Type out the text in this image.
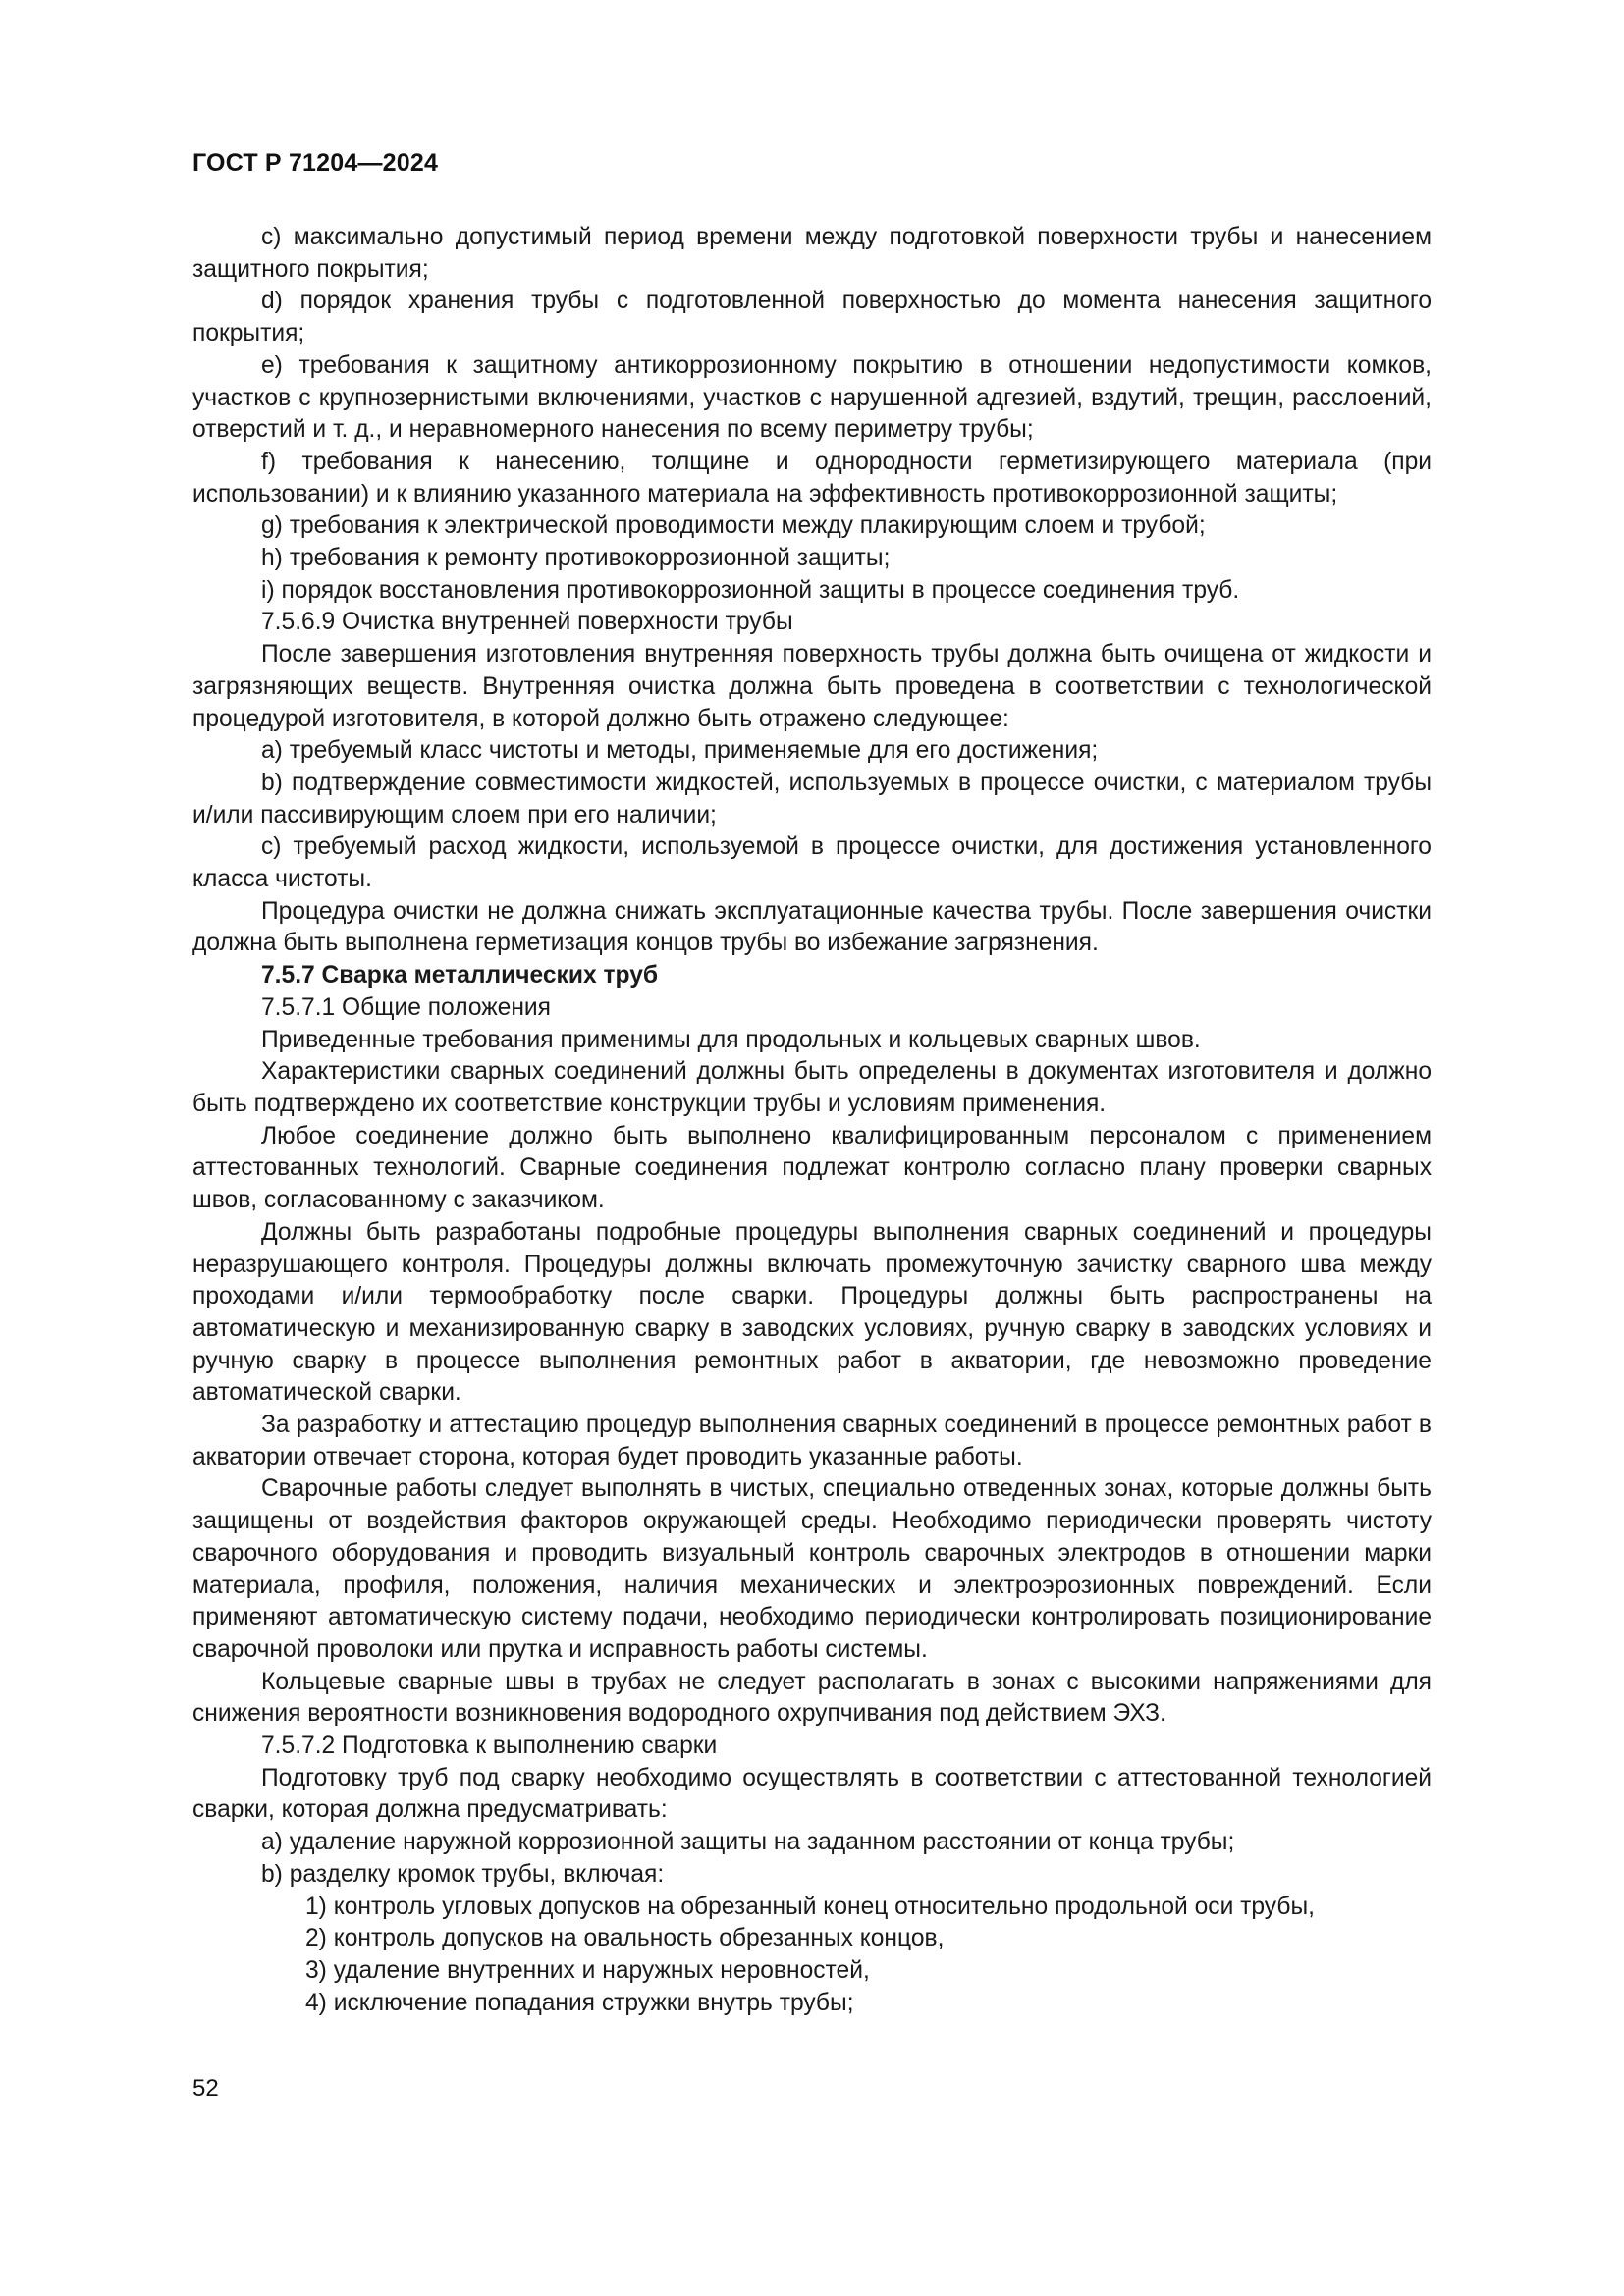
ГОСТ Р 71204—2024

c) максимально допустимый период времени между подготовкой поверхности трубы и нанесением защитного покрытия;

d) порядок хранения трубы с подготовленной поверхностью до момента нанесения защитного покрытия;

e) требования к защитному антикоррозионному покрытию в отношении недопустимости комков, участков с крупнозернистыми включениями, участков с нарушенной адгезией, вздутий, трещин, расслоений, отверстий и т. д., и неравномерного нанесения по всему периметру трубы;

f) требования к нанесению, толщине и однородности герметизирующего материала (при использовании) и к влиянию указанного материала на эффективность противокоррозионной защиты;

g) требования к электрической проводимости между плакирующим слоем и трубой;

h) требования к ремонту противокоррозионной защиты;

i) порядок восстановления противокоррозионной защиты в процессе соединения труб.

7.5.6.9 Очистка внутренней поверхности трубы

После завершения изготовления внутренняя поверхность трубы должна быть очищена от жидкости и загрязняющих веществ. Внутренняя очистка должна быть проведена в соответствии с технологической процедурой изготовителя, в которой должно быть отражено следующее:

a) требуемый класс чистоты и методы, применяемые для его достижения;

b) подтверждение совместимости жидкостей, используемых в процессе очистки, с материалом трубы и/или пассивирующим слоем при его наличии;

c) требуемый расход жидкости, используемой в процессе очистки, для достижения установленного класса чистоты.

Процедура очистки не должна снижать эксплуатационные качества трубы. После завершения очистки должна быть выполнена герметизация концов трубы во избежание загрязнения.

7.5.7 Сварка металлических труб

7.5.7.1 Общие положения

Приведенные требования применимы для продольных и кольцевых сварных швов.

Характеристики сварных соединений должны быть определены в документах изготовителя и должно быть подтверждено их соответствие конструкции трубы и условиям применения.

Любое соединение должно быть выполнено квалифицированным персоналом с применением аттестованных технологий. Сварные соединения подлежат контролю согласно плану проверки сварных швов, согласованному с заказчиком.

Должны быть разработаны подробные процедуры выполнения сварных соединений и процедуры неразрушающего контроля. Процедуры должны включать промежуточную зачистку сварного шва между проходами и/или термообработку после сварки. Процедуры должны быть распространены на автоматическую и механизированную сварку в заводских условиях, ручную сварку в заводских условиях и ручную сварку в процессе выполнения ремонтных работ в акватории, где невозможно проведение автоматической сварки.

За разработку и аттестацию процедур выполнения сварных соединений в процессе ремонтных работ в акватории отвечает сторона, которая будет проводить указанные работы.

Сварочные работы следует выполнять в чистых, специально отведенных зонах, которые должны быть защищены от воздействия факторов окружающей среды. Необходимо периодически проверять чистоту сварочного оборудования и проводить визуальный контроль сварочных электродов в отношении марки материала, профиля, положения, наличия механических и электроэрозионных повреждений. Если применяют автоматическую систему подачи, необходимо периодически контролировать позиционирование сварочной проволоки или прутка и исправность работы системы.

Кольцевые сварные швы в трубах не следует располагать в зонах с высокими напряжениями для снижения вероятности возникновения водородного охрупчивания под действием ЭХЗ.

7.5.7.2 Подготовка к выполнению сварки

Подготовку труб под сварку необходимо осуществлять в соответствии с аттестованной технологией сварки, которая должна предусматривать:

a) удаление наружной коррозионной защиты на заданном расстоянии от конца трубы;

b) разделку кромок трубы, включая:

1) контроль угловых допусков на обрезанный конец относительно продольной оси трубы,

2) контроль допусков на овальность обрезанных концов,

3) удаление внутренних и наружных неровностей,

4) исключение попадания стружки внутрь трубы;

52
